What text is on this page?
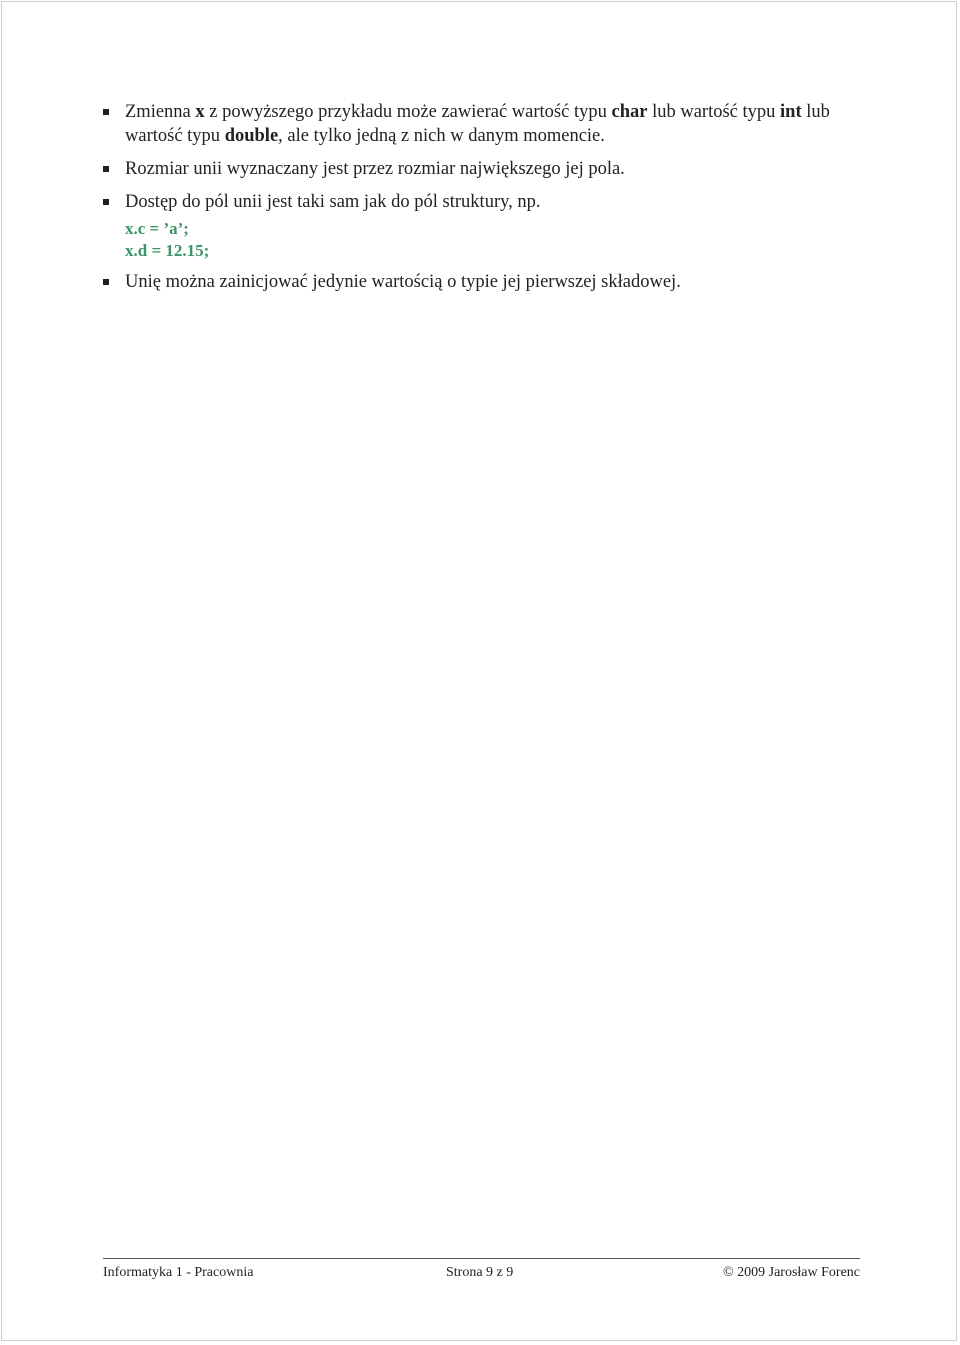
Zmienna x z powyższego przykładu może zawierać wartość typu char lub wartość typu int lub wartość typu double, ale tylko jedną z nich w danym momencie.
Rozmiar unii wyznaczany jest przez rozmiar największego jej pola.
Dostęp do pól unii jest taki sam jak do pól struktury, np.
x.c = ’a’;
x.d = 12.15;
Unię można zainicjować jedynie wartością o typie jej pierwszej składowej.
Informatyka 1 - Pracownia	Strona 9 z 9	© 2009 Jarosław Forenc
